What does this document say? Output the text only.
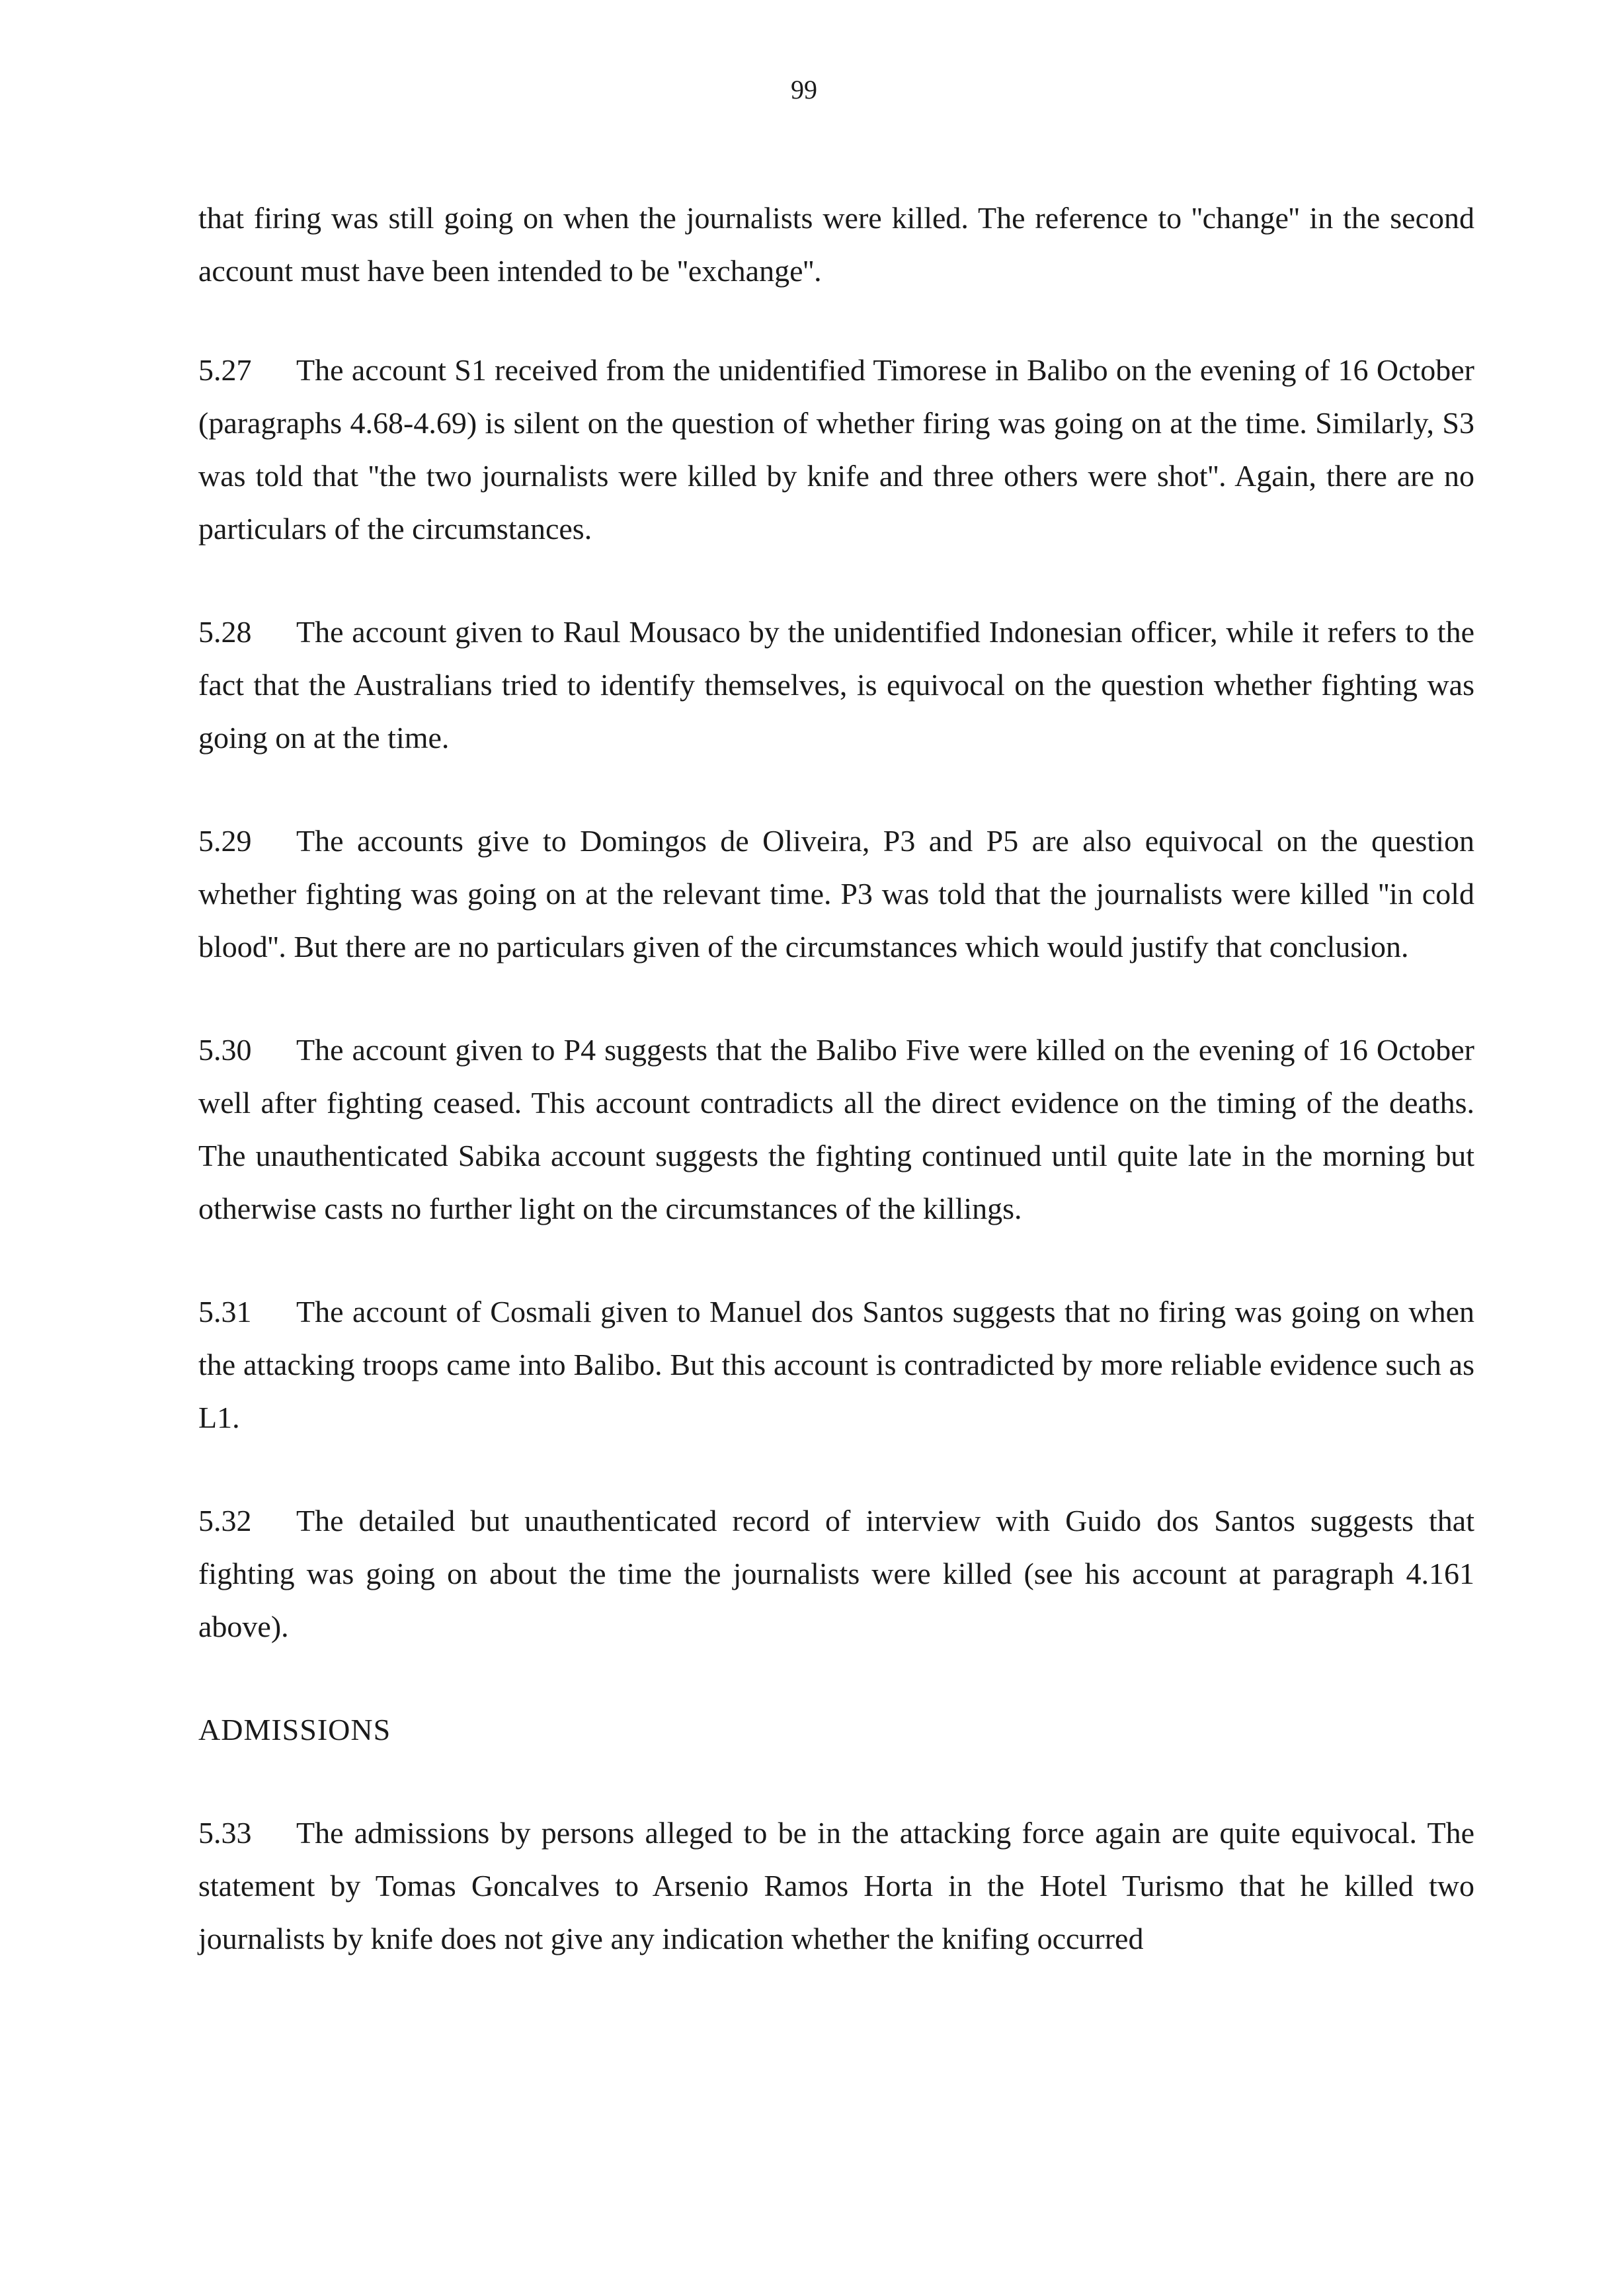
99

that firing was still going on when the journalists were killed. The reference to ''change'' in the second account must have been intended to be ''exchange''.

5.27 The account S1 received from the unidentified Timorese in Balibo on the evening of 16 October (paragraphs 4.68-4.69) is silent on the question of whether firing was going on at the time. Similarly, S3 was told that ''the two journalists were killed by knife and three others were shot''. Again, there are no particulars of the circumstances.

5.28 The account given to Raul Mousaco by the unidentified Indonesian officer, while it refers to the fact that the Australians tried to identify themselves, is equivocal on the question whether fighting was going on at the time.

5.29 The accounts give to Domingos de Oliveira, P3 and P5 are also equivocal on the question whether fighting was going on at the relevant time. P3 was told that the journalists were killed ''in cold blood''. But there are no particulars given of the circumstances which would justify that conclusion.

5.30 The account given to P4 suggests that the Balibo Five were killed on the evening of 16 October well after fighting ceased. This account contradicts all the direct evidence on the timing of the deaths. The unauthenticated Sabika account suggests the fighting continued until quite late in the morning but otherwise casts no further light on the circumstances of the killings.

5.31 The account of Cosmali given to Manuel dos Santos suggests that no firing was going on when the attacking troops came into Balibo. But this account is contradicted by more reliable evidence such as L1.

5.32 The detailed but unauthenticated record of interview with Guido dos Santos suggests that fighting was going on about the time the journalists were killed (see his account at paragraph 4.161 above).

ADMISSIONS

5.33 The admissions by persons alleged to be in the attacking force again are quite equivocal. The statement by Tomas Goncalves to Arsenio Ramos Horta in the Hotel Turismo that he killed two journalists by knife does not give any indication whether the knifing occurred
